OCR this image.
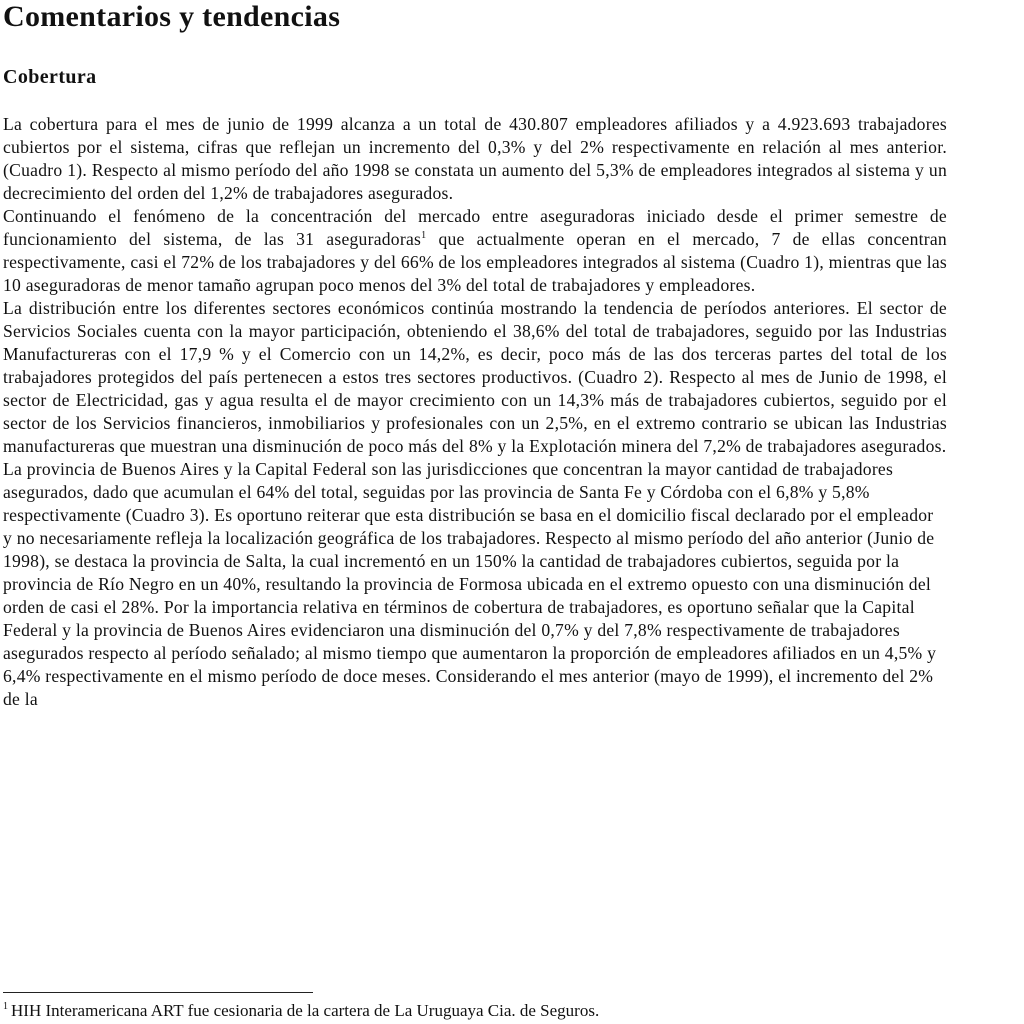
Comentarios y tendencias
Cobertura

La cobertura para el mes de junio de 1999 alcanza a un total de 430.807 empleadores afiliados y a 4.923.693 trabajadores cubiertos por el sistema, cifras que reflejan un incremento del 0,3% y del 2% respectivamente en relación al mes anterior. (Cuadro 1). Respecto al mismo período del año 1998 se constata un aumento del 5,3% de empleadores integrados al sistema y un decrecimiento del orden del 1,2% de trabajadores asegurados.

Continuando el fenómeno de la concentración del mercado entre aseguradoras iniciado desde el primer semestre de funcionamiento del sistema, de las 31 aseguradoras$^1$ que actualmente operan en el mercado, 7 de ellas concentran respectivamente, casi el 72% de los trabajadores y del 66% de los empleadores integrados al sistema (Cuadro 1), mientras que las 10 aseguradoras de menor tamaño agrupan poco menos del 3% del total de trabajadores y empleadores.

La distribución entre los diferentes sectores económicos continúa mostrando la tendencia de períodos anteriores. El sector de Servicios Sociales cuenta con la mayor participación, obteniendo el 38,6% del total de trabajadores, seguido por las Industrias Manufactureras con el 17,9 % y el Comercio con un 14,2%, es decir, poco más de las dos terceras partes del total de los trabajadores protegidos del país pertenecen a estos tres sectores productivos. (Cuadro 2). Respecto al mes de Junio de 1998, el sector de Electricidad, gas y agua resulta el de mayor crecimiento con un 14,3% más de trabajadores cubiertos, seguido por el sector de los Servicios financieros, inmobiliarios y profesionales con un 2,5%, en el extremo contrario se ubican las Industrias manufactureras que muestran una disminución de poco más del 8% y la Explotación minera del 7,2% de trabajadores asegurados.

La provincia de Buenos Aires y la Capital Federal son las jurisdicciones que concentran la mayor cantidad de trabajadores asegurados, dado que acumulan el 64% del total, seguidas por las provincia de Santa Fe y Córdoba con el 6,8% y 5,8% respectivamente (Cuadro 3). Es oportuno reiterar que esta distribución se basa en el domicilio fiscal declarado por el empleador y no necesariamente refleja la localización geográfica de los trabajadores. Respecto al mismo período del año anterior (Junio de 1998), se destaca la provincia de Salta, la cual incrementó en un 150% la cantidad de trabajadores cubiertos, seguida por la provincia de Río Negro en un 40%, resultando la provincia de Formosa ubicada en el extremo opuesto con una disminución del orden de casi el 28%. Por la importancia relativa en términos de cobertura de trabajadores, es oportuno señalar que la Capital Federal y la provincia de Buenos Aires evidenciaron una disminución del 0,7% y del 7,8% respectivamente de trabajadores asegurados respecto al período señalado; al mismo tiempo que aumentaron la proporción de empleadores afiliados en un 4,5% y 6,4% respectivamente en el mismo período de doce meses. Considerando el mes anterior (mayo de 1999), el incremento del 2% de la

$^1$ HIH Interamericana ART fue cesionaria de la cartera de La Uruguaya Cia. de Seguros.
